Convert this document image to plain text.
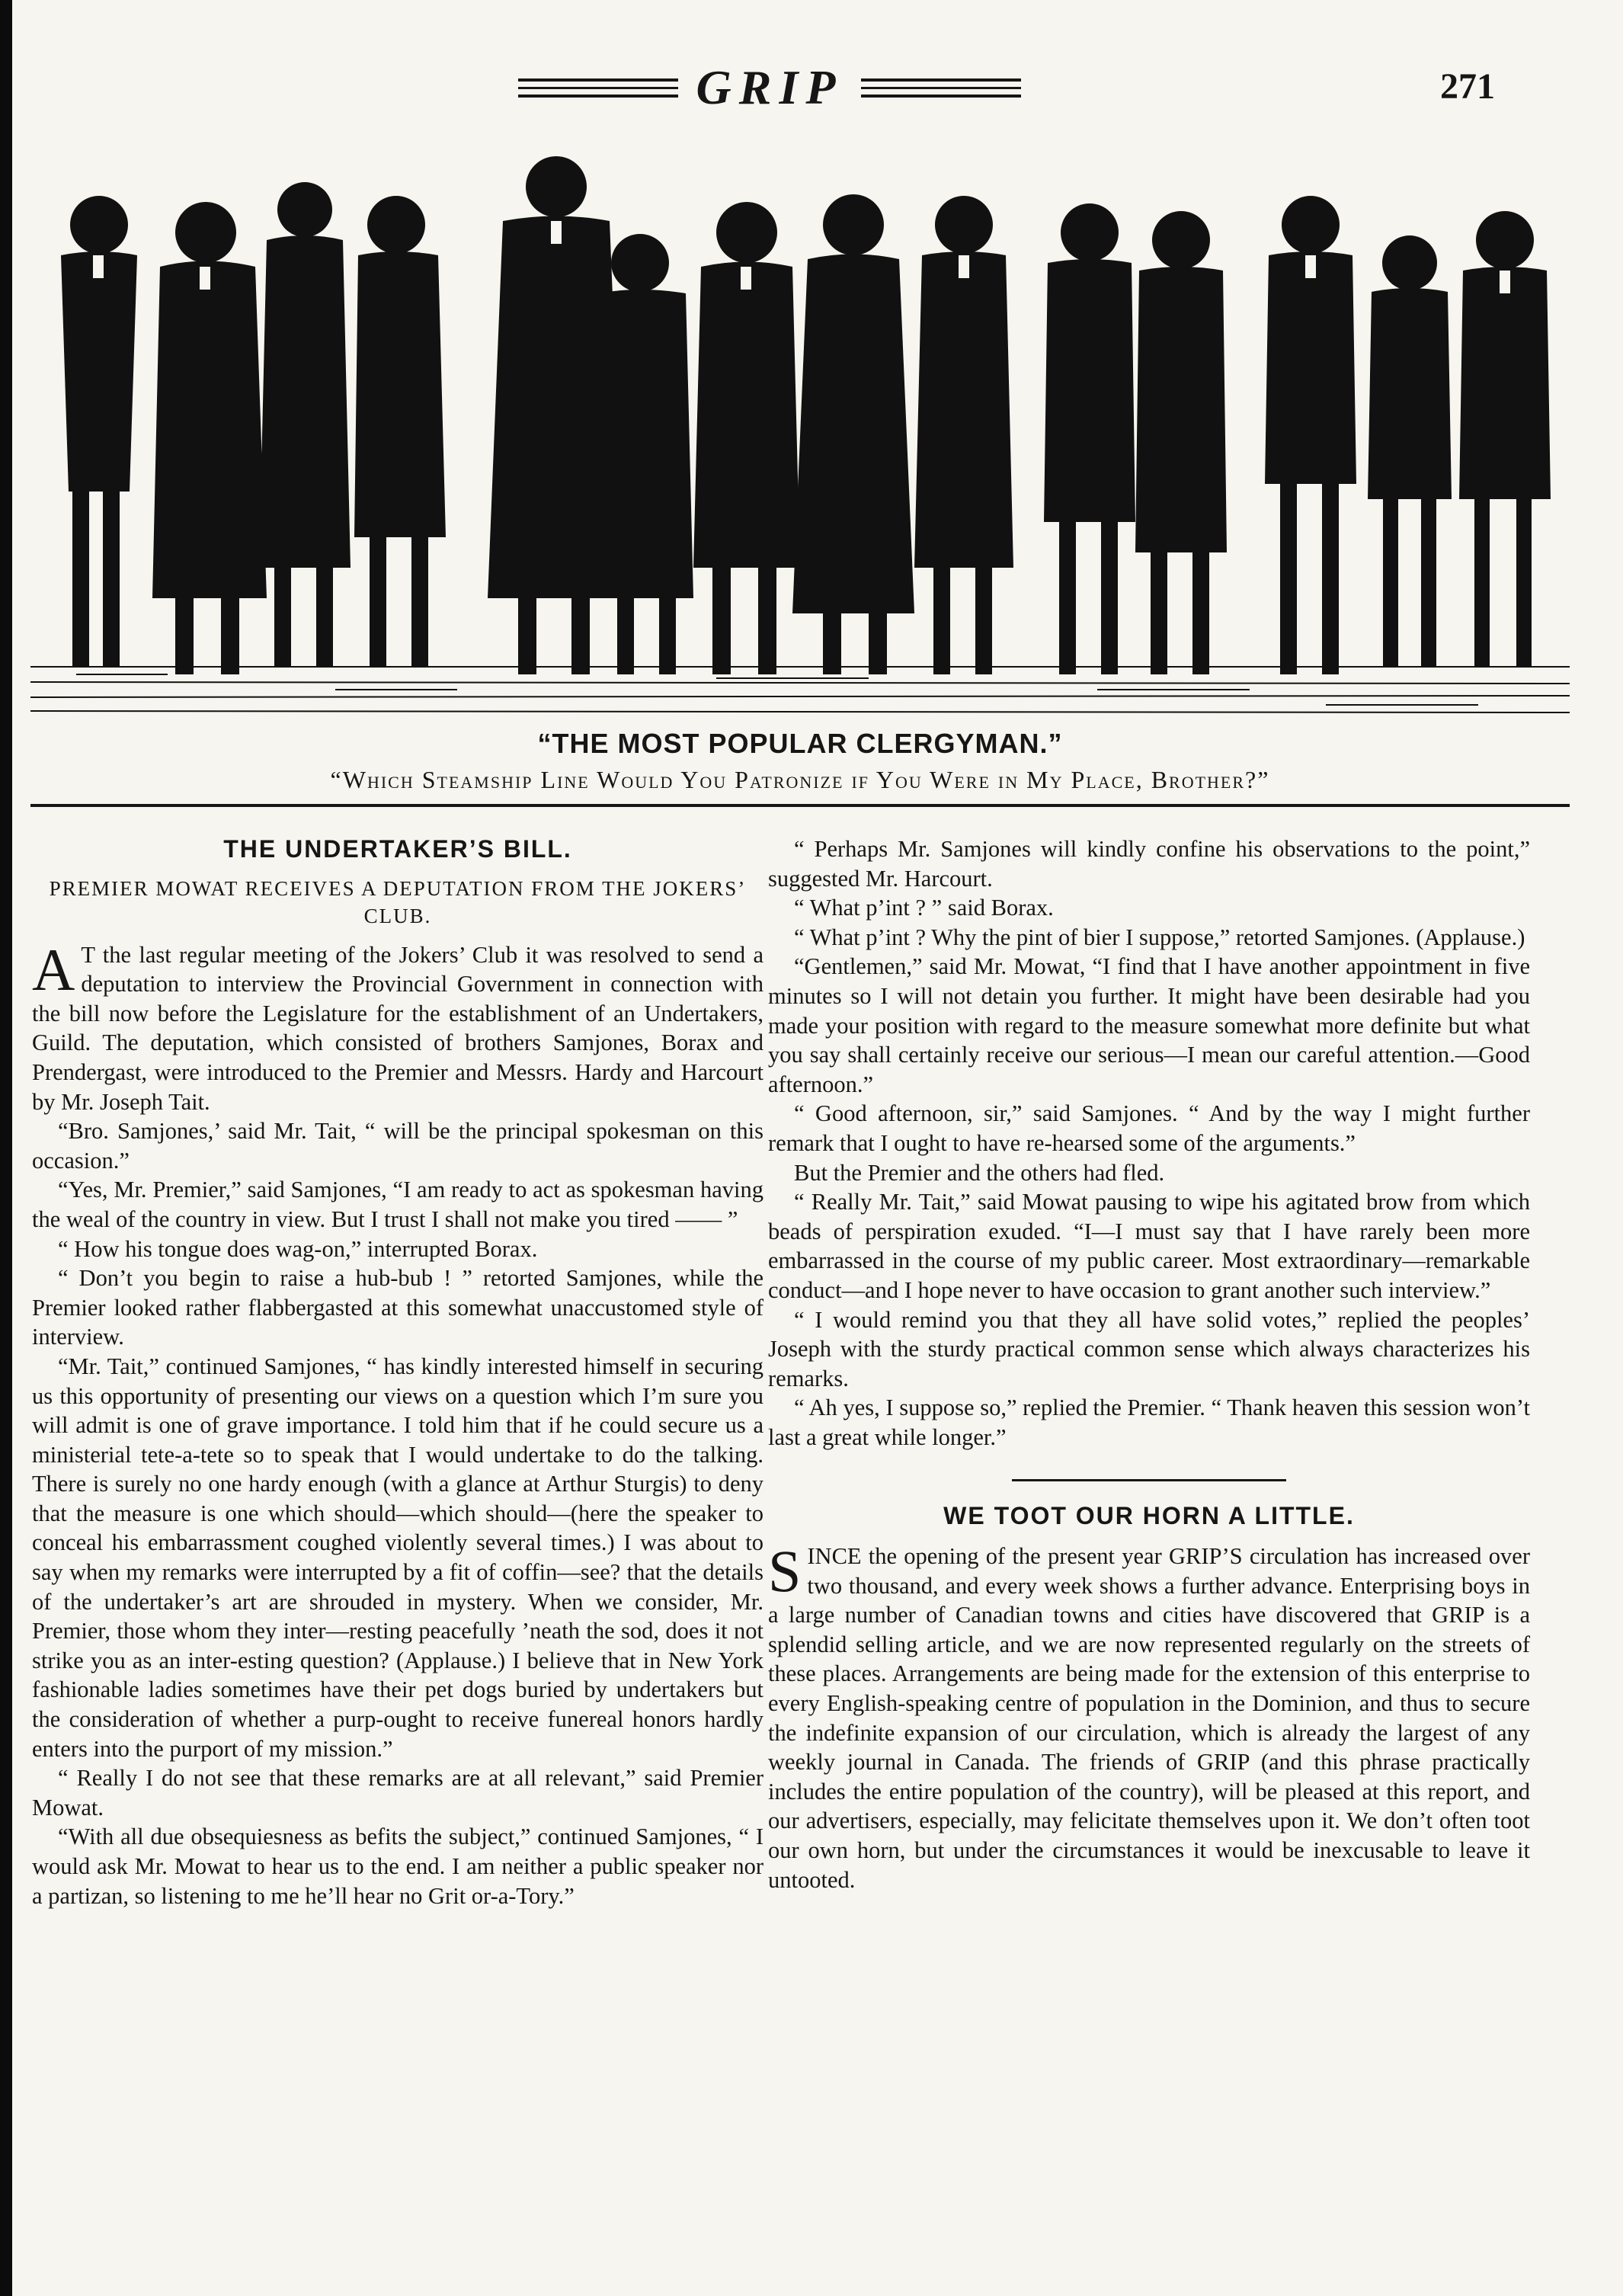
GRIP	271
“THE MOST POPULAR CLERGYMAN.”
“Which Steamship Line Would You Patronize if You Were in My Place, Brother?”
THE UNDERTAKER’S BILL.
PREMIER MOWAT RECEIVES A DEPUTATION FROM THE JOKERS’ CLUB.

A T the last regular meeting of the Jokers’ Club it was resolved to send a deputation to interview the Provincial Government in connection with the bill now before the Legislature for the establishment of an Undertakers, Guild. The deputation, which consisted of brothers Samjones, Borax and Prendergast, were introduced to the Premier and Messrs. Hardy and Harcourt by Mr. Joseph Tait.

“Bro. Samjones,’ said Mr. Tait, “ will be the principal spokesman on this occasion.”

“Yes, Mr. Premier,” said Samjones, “I am ready to act as spokesman having the weal of the country in view. But I trust I shall not make you tired —— ”

“ How his tongue does wag-on,” interrupted Borax.

“ Don’t you begin to raise a hub-bub ! ” retorted Samjones, while the Premier looked rather flabbergasted at this somewhat unaccustomed style of interview.

“Mr. Tait,” continued Samjones, “ has kindly interested himself in securing us this opportunity of presenting our views on a question which I’m sure you will admit is one of grave importance. I told him that if he could secure us a ministerial tete-a-tete so to speak that I would undertake to do the talking. There is surely no one hardy enough (with a glance at Arthur Sturgis) to deny that the measure is one which should—which should—(here the speaker to conceal his embarrassment coughed violently several times.) I was about to say when my remarks were interrupted by a fit of coffin—see? that the details of the undertaker’s art are shrouded in mystery. When we consider, Mr. Premier, those whom they inter—resting peacefully ’neath the sod, does it not strike you as an inter-esting question? (Applause.) I believe that in New York fashionable ladies sometimes have their pet dogs buried by undertakers but the consideration of whether a purp-ought to receive funereal honors hardly enters into the purport of my mission.”

“ Really I do not see that these remarks are at all relevant,” said Premier Mowat.

“With all due obsequiesness as befits the subject,” continued Samjones, “ I would ask Mr. Mowat to hear us to the end. I am neither a public speaker nor a partizan, so listening to me he’ll hear no Grit or-a-Tory.”

“ Perhaps Mr. Samjones will kindly confine his observations to the point,” suggested Mr. Harcourt.

“ What p’int ? ” said Borax.

“ What p’int ? Why the pint of bier I suppose,” retorted Samjones. (Applause.)

“Gentlemen,” said Mr. Mowat, “I find that I have another appointment in five minutes so I will not detain you further. It might have been desirable had you made your position with regard to the measure somewhat more definite but what you say shall certainly receive our serious—I mean our careful attention.—Good afternoon.”

“ Good afternoon, sir,” said Samjones. “ And by the way I might further remark that I ought to have re-hearsed some of the arguments.”

But the Premier and the others had fled.

“ Really Mr. Tait,” said Mowat pausing to wipe his agitated brow from which beads of perspiration exuded. “I—I must say that I have rarely been more embarrassed in the course of my public career. Most extraordinary—remarkable conduct—and I hope never to have occasion to grant another such interview.”

“ I would remind you that they all have solid votes,” replied the peoples’ Joseph with the sturdy practical common sense which always characterizes his remarks.

“ Ah yes, I suppose so,” replied the Premier. “ Thank heaven this session won’t last a great while longer.”

WE TOOT OUR HORN A LITTLE.

SINCE the opening of the present year GRIP’S circulation has increased over two thousand, and every week shows a further advance. Enterprising boys in a large number of Canadian towns and cities have discovered that GRIP is a splendid selling article, and we are now represented regularly on the streets of these places. Arrangements are being made for the extension of this enterprise to every English-speaking centre of population in the Dominion, and thus to secure the indefinite expansion of our circulation, which is already the largest of any weekly journal in Canada. The friends of GRIP (and this phrase practically includes the entire population of the country), will be pleased at this report, and our advertisers, especially, may felicitate themselves upon it. We don’t often toot our own horn, but under the circumstances it would be inexcusable to leave it untooted.
